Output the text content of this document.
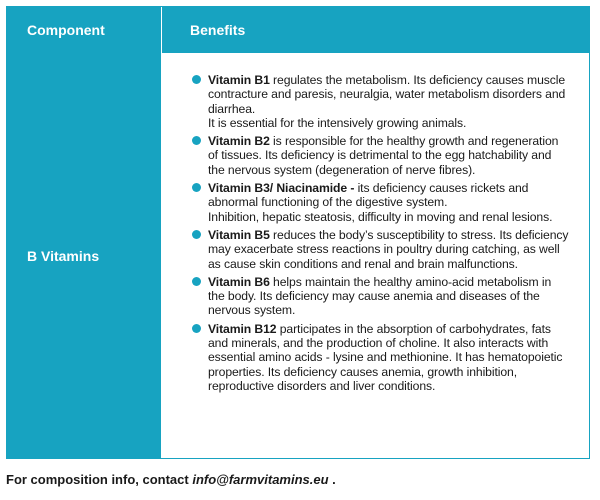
Component	Benefits
B Vitamins
Vitamin B1 regulates the metabolism. Its deficiency causes muscle contracture and paresis, neuralgia, water metabolism disorders and diarrhea.
It is essential for the intensively growing animals.
Vitamin B2 is responsible for the healthy growth and regeneration of tissues. Its deficiency is detrimental to the egg hatchability and the nervous system (degeneration of nerve fibres).
Vitamin B3/ Niacinamide - its deficiency causes rickets and abnormal functioning of the digestive system.
Inhibition, hepatic steatosis, difficulty in moving and renal lesions.
Vitamin B5 reduces the body’s susceptibility to stress. Its deficiency may exacerbate stress reactions in poultry during catching, as well as cause skin conditions and renal and brain malfunctions.
Vitamin B6 helps maintain the healthy amino-acid metabolism in the body. Its deficiency may cause anemia and diseases of the nervous system.
Vitamin B12 participates in the absorption of carbohydrates, fats and minerals, and the production of choline. It also interacts with essential amino acids - lysine and methionine. It has hematopoietic properties. Its deficiency causes anemia, growth inhibition, reproductive disorders and liver conditions.
For composition info, contact info@farmvitamins.eu .
